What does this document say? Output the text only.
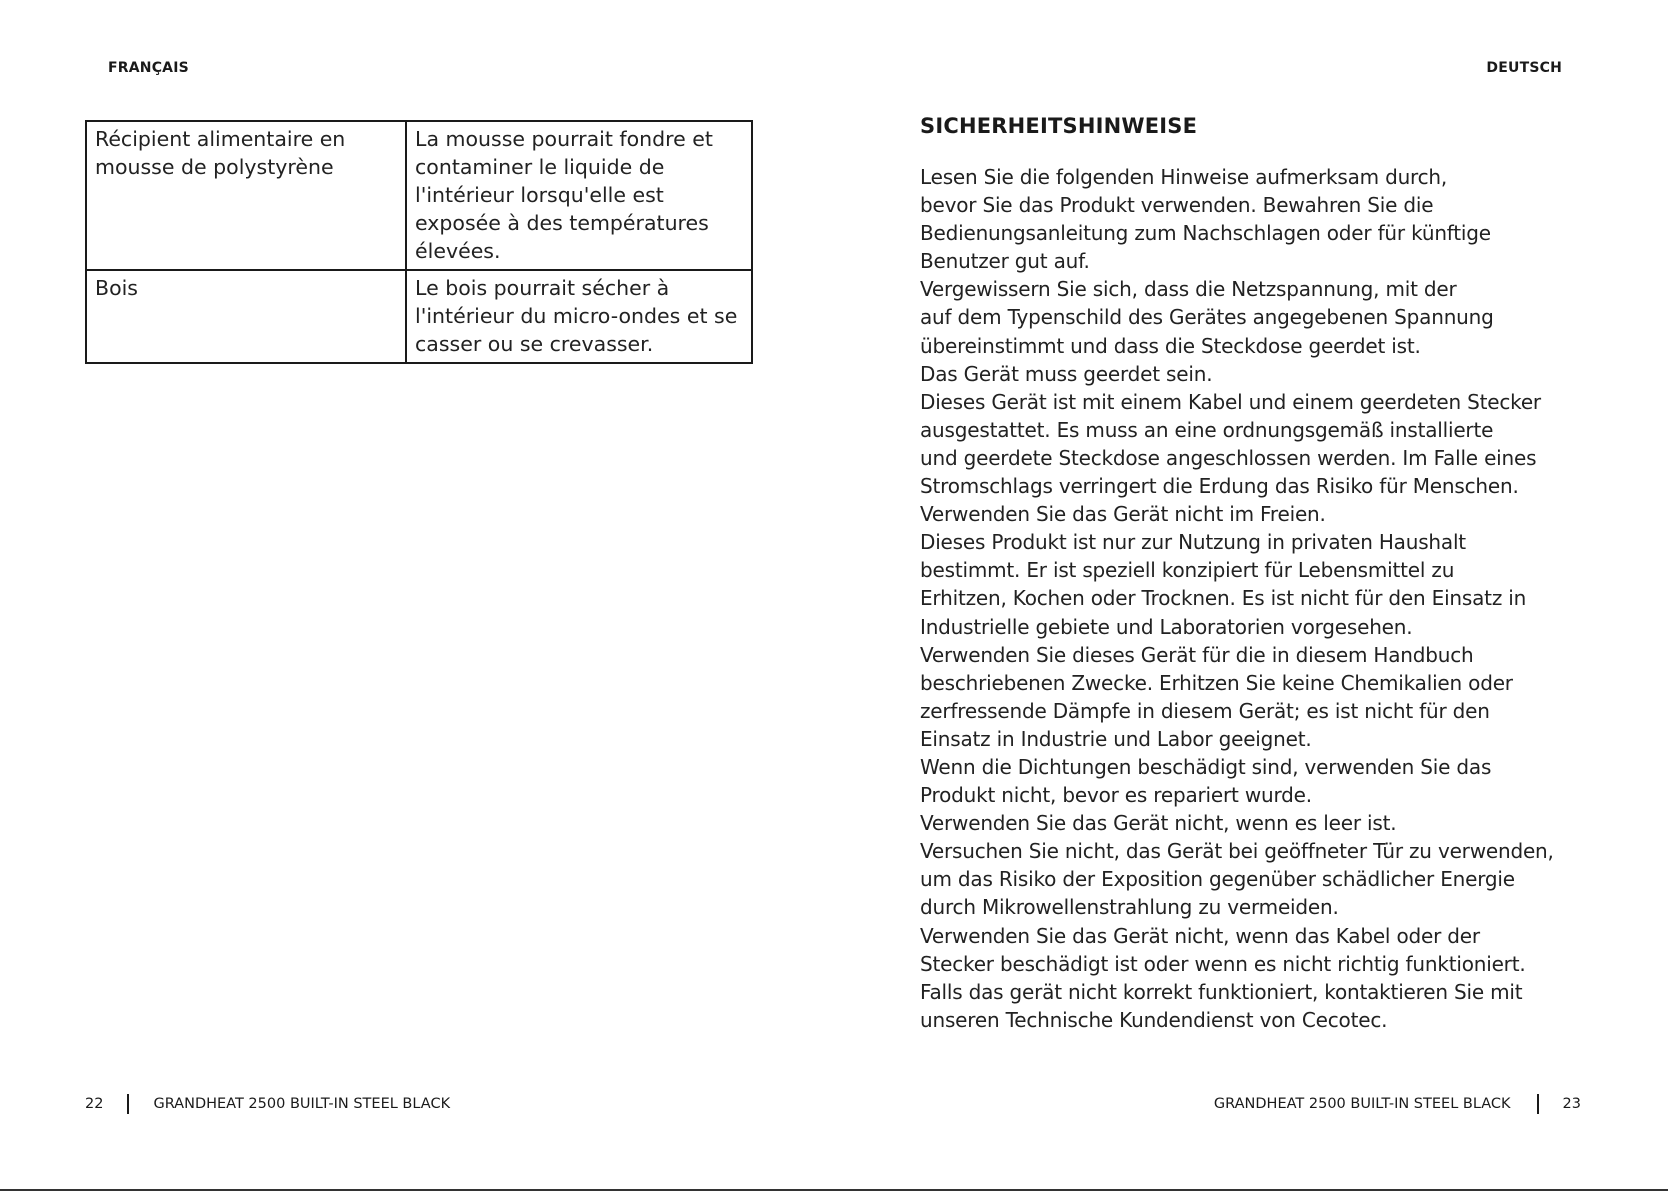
FRANÇAIS
Récipient alimentaire en mousse de polystyrène	La mousse pourrait fondre et contaminer le liquide de l'intérieur lorsqu'elle est exposée à des températures élevées.
Bois	Le bois pourrait sécher à l'intérieur du micro-ondes et se casser ou se crevasser.
22	GRANDHEAT 2500 BUILT-IN STEEL BLACK
DEUTSCH
SICHERHEITSHINWEISE

Lesen Sie die folgenden Hinweise aufmerksam durch,

bevor Sie das Produkt verwenden. Bewahren Sie die

Bedienungsanleitung zum Nachschlagen oder für künftige

Benutzer gut auf.

Vergewissern Sie sich, dass die Netzspannung, mit der

auf dem Typenschild des Gerätes angegebenen Spannung

übereinstimmt und dass die Steckdose geerdet ist.

Das Gerät muss geerdet sein.

Dieses Gerät ist mit einem Kabel und einem geerdeten Stecker

ausgestattet. Es muss an eine ordnungsgemäß installierte

und geerdete Steckdose angeschlossen werden. Im Falle eines

Stromschlags verringert die Erdung das Risiko für Menschen.

Verwenden Sie das Gerät nicht im Freien.

Dieses Produkt ist nur zur Nutzung in privaten Haushalt

bestimmt. Er ist speziell konzipiert für Lebensmittel zu

Erhitzen, Kochen oder Trocknen. Es ist nicht für den Einsatz in

Industrielle gebiete und Laboratorien vorgesehen.

Verwenden Sie dieses Gerät für die in diesem Handbuch

beschriebenen Zwecke. Erhitzen Sie keine Chemikalien oder

zerfressende Dämpfe in diesem Gerät; es ist nicht für den

Einsatz in Industrie und Labor geeignet.

Wenn die Dichtungen beschädigt sind, verwenden Sie das

Produkt nicht, bevor es repariert wurde.

Verwenden Sie das Gerät nicht, wenn es leer ist.

Versuchen Sie nicht, das Gerät bei geöffneter Tür zu verwenden,

um das Risiko der Exposition gegenüber schädlicher Energie

durch Mikrowellenstrahlung zu vermeiden.

Verwenden Sie das Gerät nicht, wenn das Kabel oder der

Stecker beschädigt ist oder wenn es nicht richtig funktioniert.

Falls das gerät nicht korrekt funktioniert, kontaktieren Sie mit

unseren Technische Kundendienst von Cecotec.

GRANDHEAT 2500 BUILT-IN STEEL BLACK	23
